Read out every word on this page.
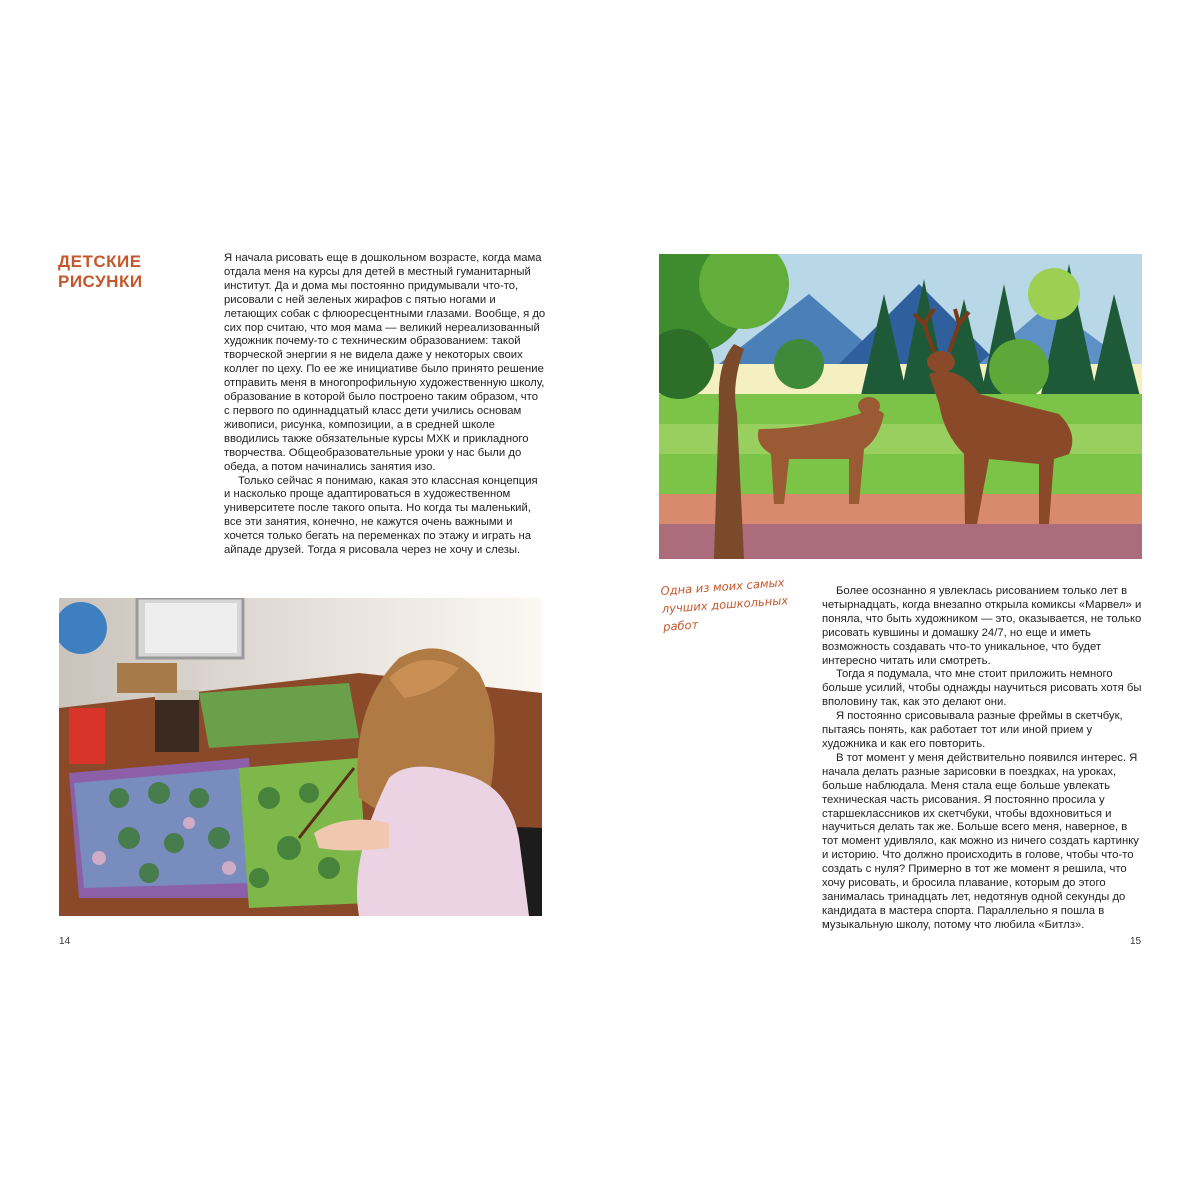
ДЕТСКИЕ
РИСУНКИ

Я начала рисовать еще в дошкольном возрасте, когда мама отдала меня на курсы для детей в местный гуманитарный институт. Да и дома мы постоянно придумывали что-то, рисовали с ней зеленых жирафов с пятью ногами и летающих собак с флюоресцентными глазами. Вообще, я до сих пор считаю, что моя мама — великий нереализованный художник почему-то с техническим образованием: такой творческой энергии я не видела даже у некоторых своих коллег по цеху. По ее же инициативе было принято решение отправить меня в многопрофильную художественную школу, образование в которой было построено таким образом, что с первого по одиннадцатый класс дети учились основам живописи, рисунка, композиции, а в средней школе вводились также обязательные курсы МХК и прикладного творчества. Общеобразовательные уроки у нас были до обеда, а потом начинались занятия изо.

Только сейчас я понимаю, какая это классная концепция и насколько проще адаптироваться в художественном университете после такого опыта. Но когда ты маленький, все эти занятия, конечно, не кажутся очень важными и хочется только бегать на переменках по этажу и играть на айпаде друзей. Тогда я рисовала через не хочу и слезы.

14
Одна из моих самых лучших дошкольных работ

Более осознанно я увлеклась рисованием только лет в четырнадцать, когда внезапно открыла комиксы «Марвел» и поняла, что быть художником — это, оказывается, не только рисовать кувшины и домашку 24/7, но еще и иметь возможность создавать что-то уникальное, что будет интересно читать или смотреть.

Тогда я подумала, что мне стоит приложить немного больше усилий, чтобы однажды научиться рисовать хотя бы вполовину так, как это делают они.

Я постоянно срисовывала разные фреймы в скетчбук, пытаясь понять, как работает тот или иной прием у художника и как его повторить.

В тот момент у меня действительно появился интерес. Я начала делать разные зарисовки в поездках, на уроках, больше наблюдала. Меня стала еще больше увлекать техническая часть рисования. Я постоянно просила у старшеклассников их скетчбуки, чтобы вдохновиться и научиться делать так же. Больше всего меня, наверное, в тот момент удивляло, как можно из ничего создать картинку и историю. Что должно происходить в голове, чтобы что-то создать с нуля? Примерно в тот же момент я решила, что хочу рисовать, и бросила плавание, которым до этого занималась тринадцать лет, недотянув одной секунды до кандидата в мастера спорта. Параллельно я пошла в музыкальную школу, потому что любила «Битлз».

15
